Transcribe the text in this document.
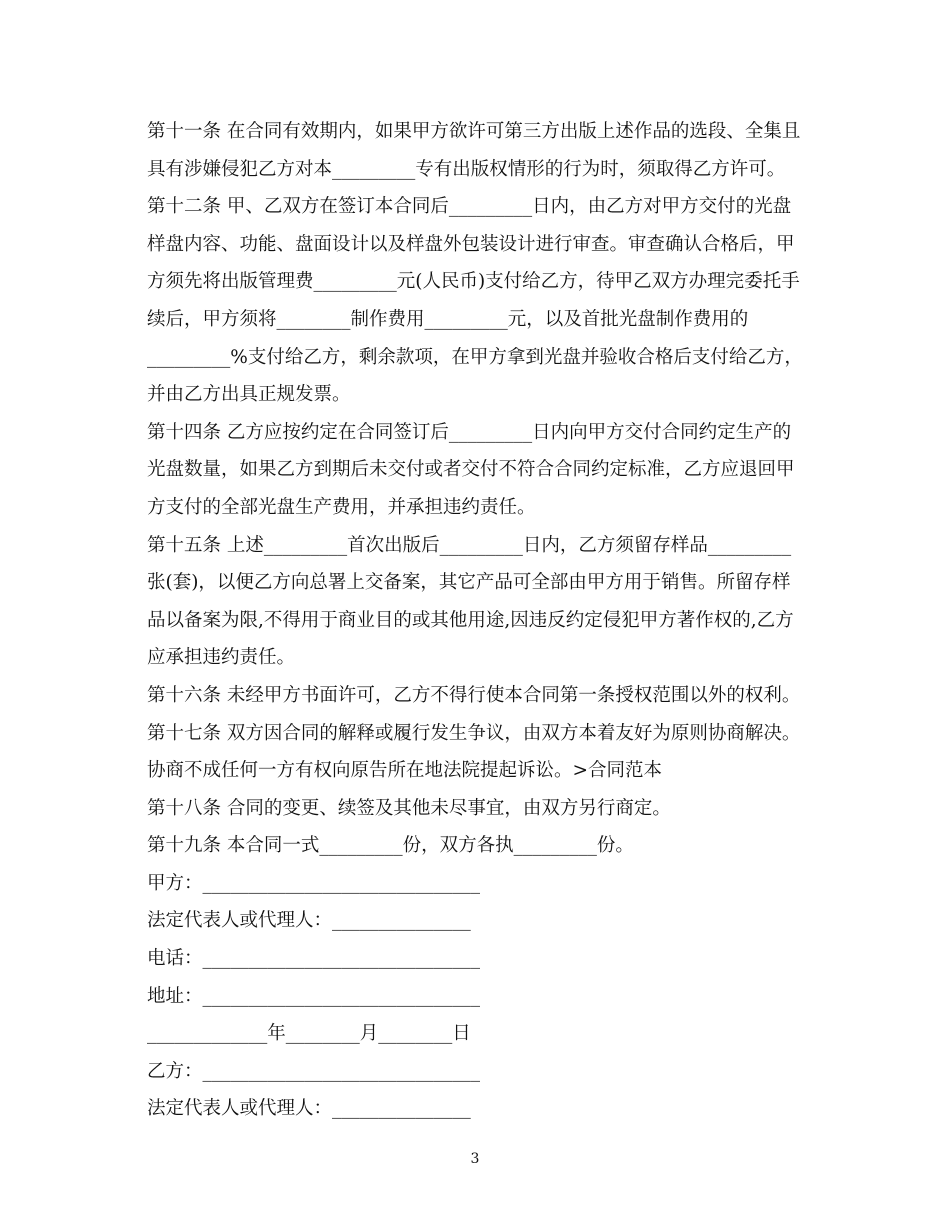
第十一条 在合同有效期内，如果甲方欲许可第三方出版上述作品的选段、全集且
具有涉嫌侵犯乙方对本_________专有出版权情形的行为时，须取得乙方许可。
第十二条 甲、乙双方在签订本合同后_________日内，由乙方对甲方交付的光盘
样盘内容、功能、盘面设计以及样盘外包装设计进行审查。审查确认合格后，甲
方须先将出版管理费_________元(人民币)支付给乙方，待甲乙双方办理完委托手
续后，甲方须将________制作费用_________元，以及首批光盘制作费用的
_________%支付给乙方，剩余款项，在甲方拿到光盘并验收合格后支付给乙方，
并由乙方出具正规发票。
第十四条 乙方应按约定在合同签订后_________日内向甲方交付合同约定生产的
光盘数量，如果乙方到期后未交付或者交付不符合合同约定标准，乙方应退回甲
方支付的全部光盘生产费用，并承担违约责任。
第十五条 上述_________首次出版后_________日内，乙方须留存样品_________
张(套)，以便乙方向总署上交备案，其它产品可全部由甲方用于销售。所留存样
品以备案为限,不得用于商业目的或其他用途,因违反约定侵犯甲方著作权的,乙方
应承担违约责任。
第十六条 未经甲方书面许可，乙方不得行使本合同第一条授权范围以外的权利。
第十七条 双方因合同的解释或履行发生争议，由双方本着友好为原则协商解决。
协商不成任何一方有权向原告所在地法院提起诉讼。>合同范本
第十八条 合同的变更、续签及其他未尽事宜，由双方另行商定。
第十九条 本合同一式_________份，双方各执_________份。
甲方：______________________________
法定代表人或代理人：_______________
电话：______________________________
地址：______________________________
_____________年________月________日
乙方：______________________________
法定代表人或代理人：_______________
3
